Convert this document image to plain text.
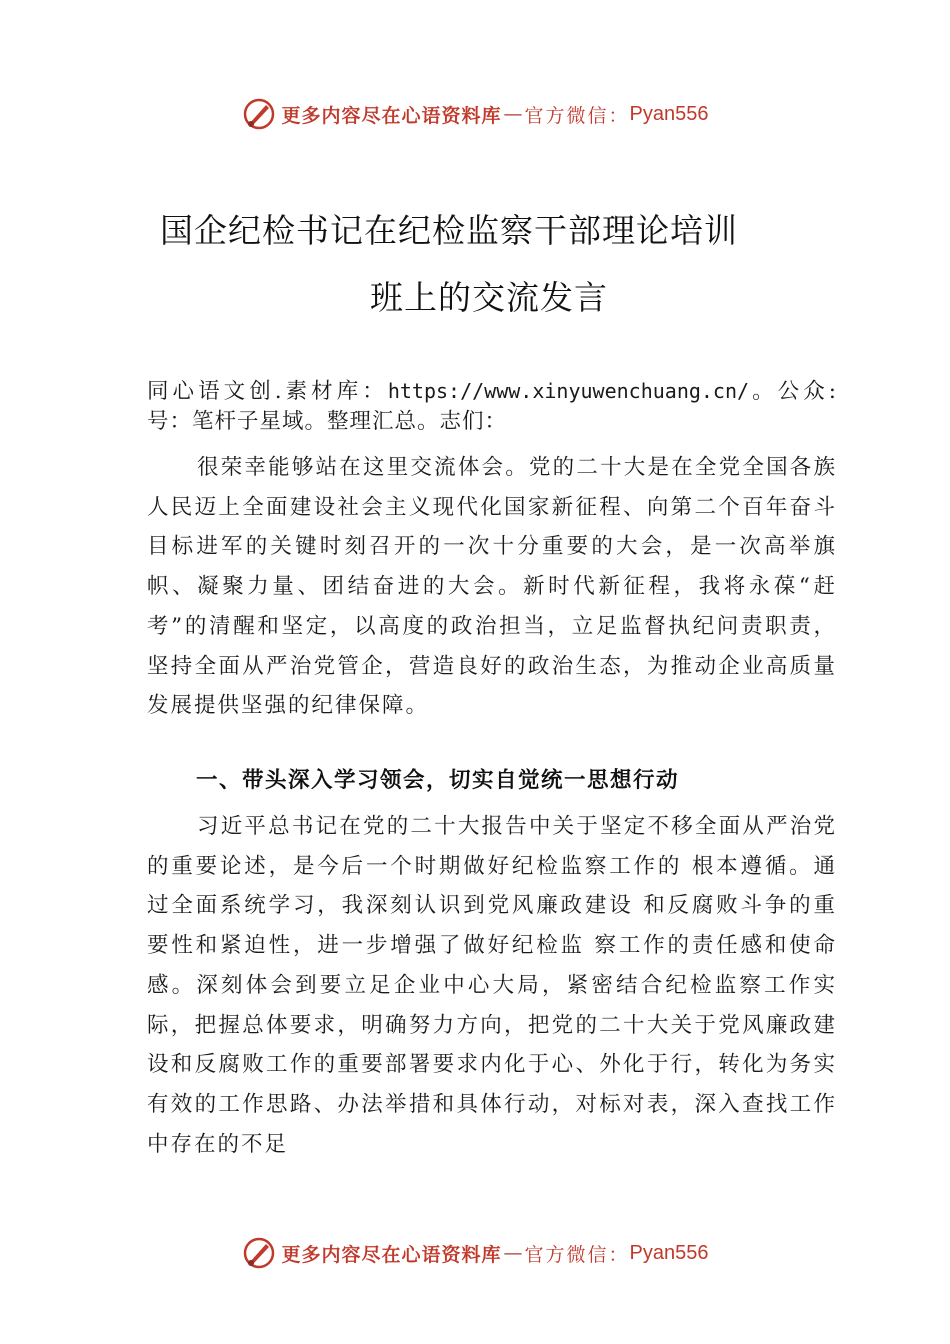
更多内容尽在心语资料库 — 官方微信： Pyan556
国企纪检书记在纪检监察干部理论培训
班上的交流发言
同心语文创.素材库：https://www.xinyuwenchuang.cn/。公众:号：笔杆子星域。整理汇总。志们：
很荣幸能够站在这里交流体会。党的二十大是在全党全国各族人民迈上全面建设社会主义现代化国家新征程、向第二个百年奋斗目标进军的关键时刻召开的一次十分重要的大会，是一次高举旗帜、凝聚力量、团结奋进的大会。新时代新征程，我将永葆“赶考”的清醒和坚定，以高度的政治担当，立足监督执纪问责职责，坚持全面从严治党管企，营造良好的政治生态，为推动企业高质量发展提供坚强的纪律保障。
一、带头深入学习领会，切实自觉统一思想行动
习近平总书记在党的二十大报告中关于坚定不移全面从严治党的重要论述，是今后一个时期做好纪检监察工作的 根本遵循。通过全面系统学习，我深刻认识到党风廉政建设 和反腐败斗争的重要性和紧迫性，进一步增强了做好纪检监 察工作的责任感和使命感。深刻体会到要立足企业中心大局，紧密结合纪检监察工作实际，把握总体要求，明确努力方向，把党的二十大关于党风廉政建设和反腐败工作的重要部署要求内化于心、外化于行，转化为务实有效的工作思路、办法举措和具体行动，对标对表，深入查找工作中存在的不足
更多内容尽在心语资料库 — 官方微信： Pyan556
